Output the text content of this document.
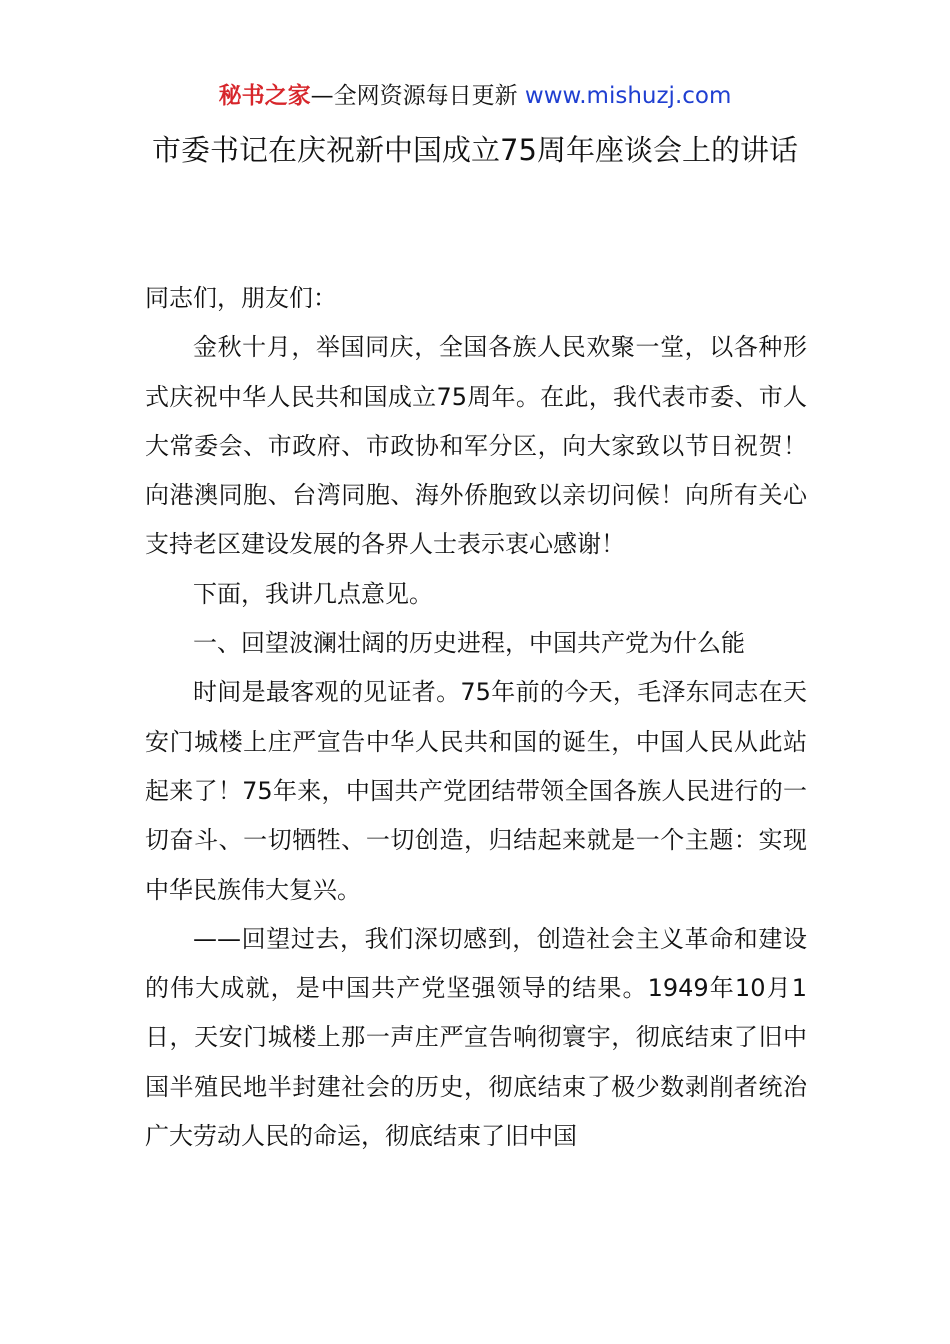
秘书之家—全网资源每日更新 www.mishuzj.com
市委书记在庆祝新中国成立75周年座谈会上的讲话

同志们，朋友们：

金秋十月，举国同庆，全国各族人民欢聚一堂，以各种形式庆祝中华人民共和国成立75周年。在此，我代表市委、市人大常委会、市政府、市政协和军分区，向大家致以节日祝贺！向港澳同胞、台湾同胞、海外侨胞致以亲切问候！向所有关心支持老区建设发展的各界人士表示衷心感谢！

下面，我讲几点意见。

一、回望波澜壮阔的历史进程，中国共产党为什么能

时间是最客观的见证者。75年前的今天，毛泽东同志在天安门城楼上庄严宣告中华人民共和国的诞生，中国人民从此站起来了！75年来，中国共产党团结带领全国各族人民进行的一切奋斗、一切牺牲、一切创造，归结起来就是一个主题：实现中华民族伟大复兴。

——回望过去，我们深切感到，创造社会主义革命和建设的伟大成就，是中国共产党坚强领导的结果。1949年10月1日，天安门城楼上那一声庄严宣告响彻寰宇，彻底结束了旧中国半殖民地半封建社会的历史，彻底结束了极少数剥削者统治广大劳动人民的命运，彻底结束了旧中国
